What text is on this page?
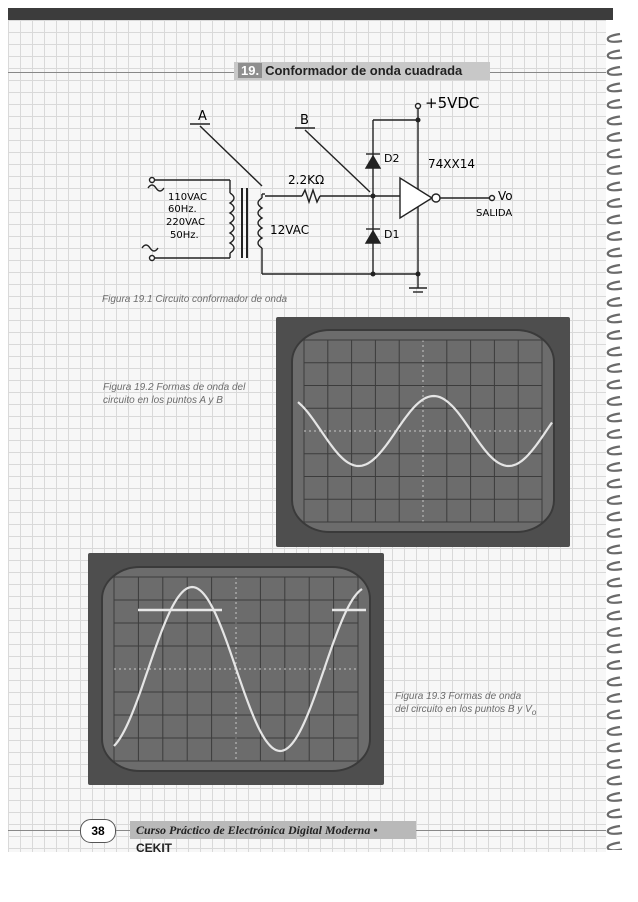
19. Conformador de onda cuadrada
A	B
+5VDC
2.2KΩ
D2
D1
74XX14
Vo
SALIDA
110VAC
60Hz.
220VAC
50Hz.	12VAC
Figura 19.1 Circuito conformador de onda
Figura 19.2 Formas de onda del
circuito en los puntos A y B
Figura 19.3 Formas de onda
del circuito en los puntos B y $V_o$
38	Curso Práctico de Electrónica Digital Moderna • CEKIT
